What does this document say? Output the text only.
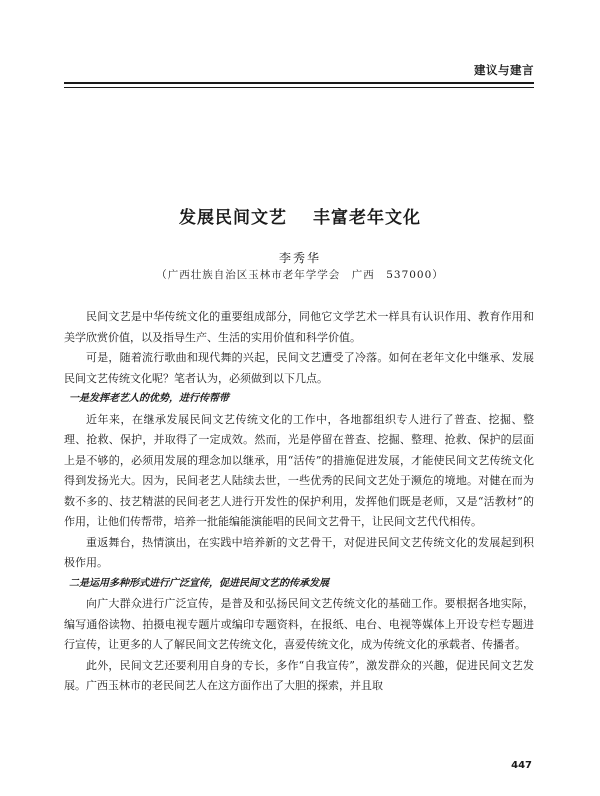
建议与建言
发展民间文艺 丰富老年文化
李秀华
（广西壮族自治区玉林市老年学学会　广西　537000）

民间文艺是中华传统文化的重要组成部分，同他它文学艺术一样具有认识作用、教育作用和美学欣赏价值，以及指导生产、生活的实用价值和科学价值。

可是，随着流行歌曲和现代舞的兴起，民间文艺遭受了冷落。如何在老年文化中继承、发展民间文艺传统文化呢？笔者认为，必须做到以下几点。

一是发挥老艺人的优势，进行传帮带

近年来，在继承发展民间文艺传统文化的工作中，各地都组织专人进行了普查、挖掘、整理、抢救、保护，并取得了一定成效。然而，光是停留在普查、挖掘、整理、抢救、保护的层面上是不够的，必须用发展的理念加以继承，用“活传”的措施促进发展，才能使民间文艺传统文化得到发扬光大。因为，民间老艺人陆续去世，一些优秀的民间文艺处于濒危的境地。对健在而为数不多的、技艺精湛的民间老艺人进行开发性的保护利用，发挥他们既是老师，又是“活教材”的作用，让他们传帮带，培养一批能编能演能唱的民间文艺骨干，让民间文艺代代相传。

重返舞台，热情演出，在实践中培养新的文艺骨干，对促进民间文艺传统文化的发展起到积极作用。

二是运用多种形式进行广泛宣传，促进民间文艺的传承发展

向广大群众进行广泛宣传，是普及和弘扬民间文艺传统文化的基础工作。要根据各地实际，编写通俗读物、拍摄电视专题片或编印专题资料，在报纸、电台、电视等媒体上开设专栏专题进行宣传，让更多的人了解民间文艺传统文化，喜爱传统文化，成为传统文化的承载者、传播者。

此外，民间文艺还要利用自身的专长，多作“自我宣传”，激发群众的兴趣，促进民间文艺发展。广西玉林市的老民间艺人在这方面作出了大胆的探索，并且取

447
